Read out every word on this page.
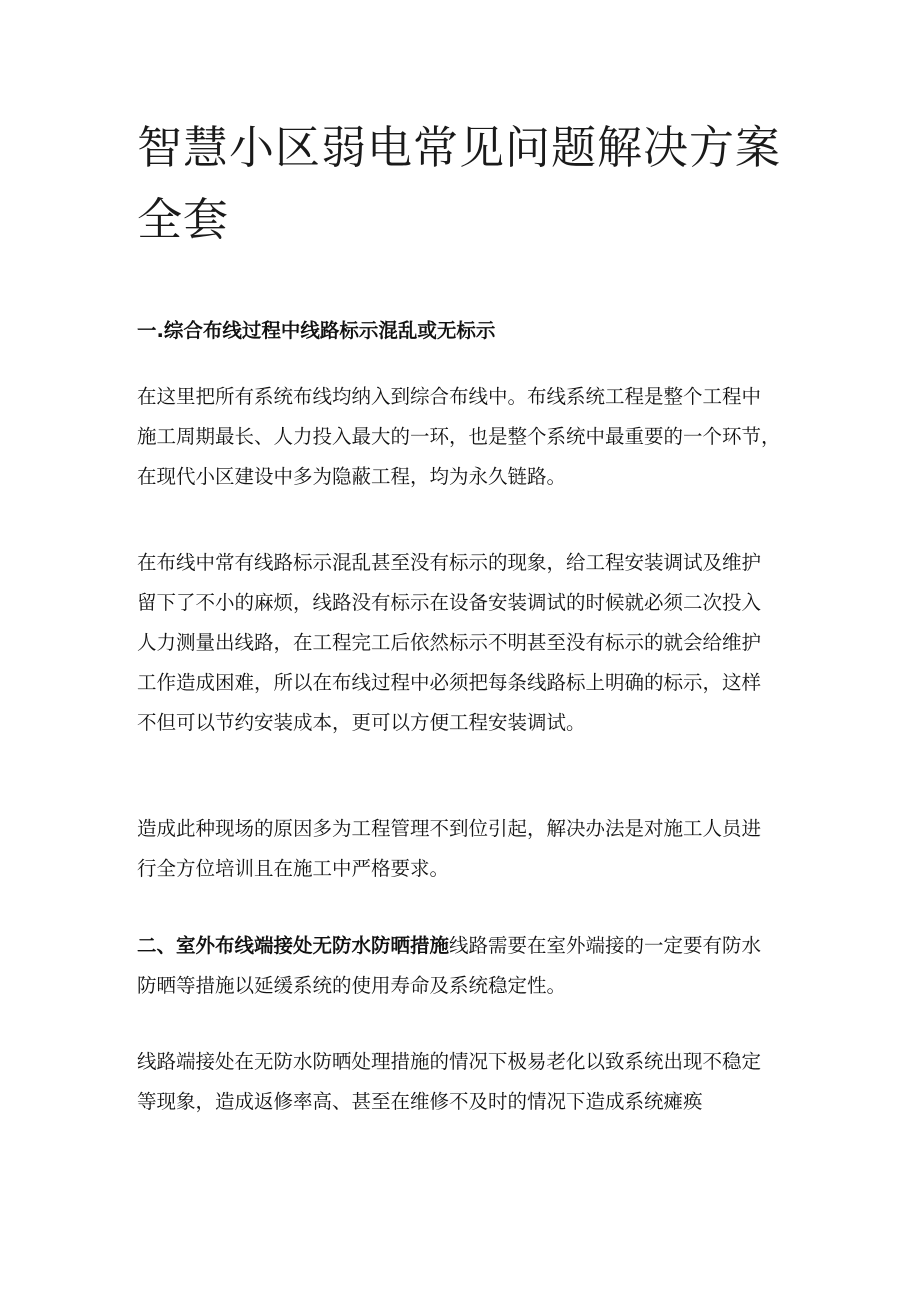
智慧小区弱电常见问题解决方案全套

一.综合布线过程中线路标示混乱或无标示

在这里把所有系统布线均纳入到综合布线中。布线系统工程是整个工程中
施工周期最长、人力投入最大的一环，也是整个系统中最重要的一个环节，
在现代小区建设中多为隐蔽工程，均为永久链路。

在布线中常有线路标示混乱甚至没有标示的现象，给工程安装调试及维护
留下了不小的麻烦，线路没有标示在设备安装调试的时候就必须二次投入
人力测量出线路，在工程完工后依然标示不明甚至没有标示的就会给维护
工作造成困难，所以在布线过程中必须把每条线路标上明确的标示，这样
不但可以节约安装成本，更可以方便工程安装调试。

造成此种现场的原因多为工程管理不到位引起，解决办法是对施工人员进
行全方位培训且在施工中严格要求。

二、室外布线端接处无防水防晒措施线路需要在室外端接的一定要有防水
防晒等措施以延缓系统的使用寿命及系统稳定性。

线路端接处在无防水防晒处理措施的情况下极易老化以致系统出现不稳定
等现象，造成返修率高、甚至在维修不及时的情况下造成系统瘫痪
